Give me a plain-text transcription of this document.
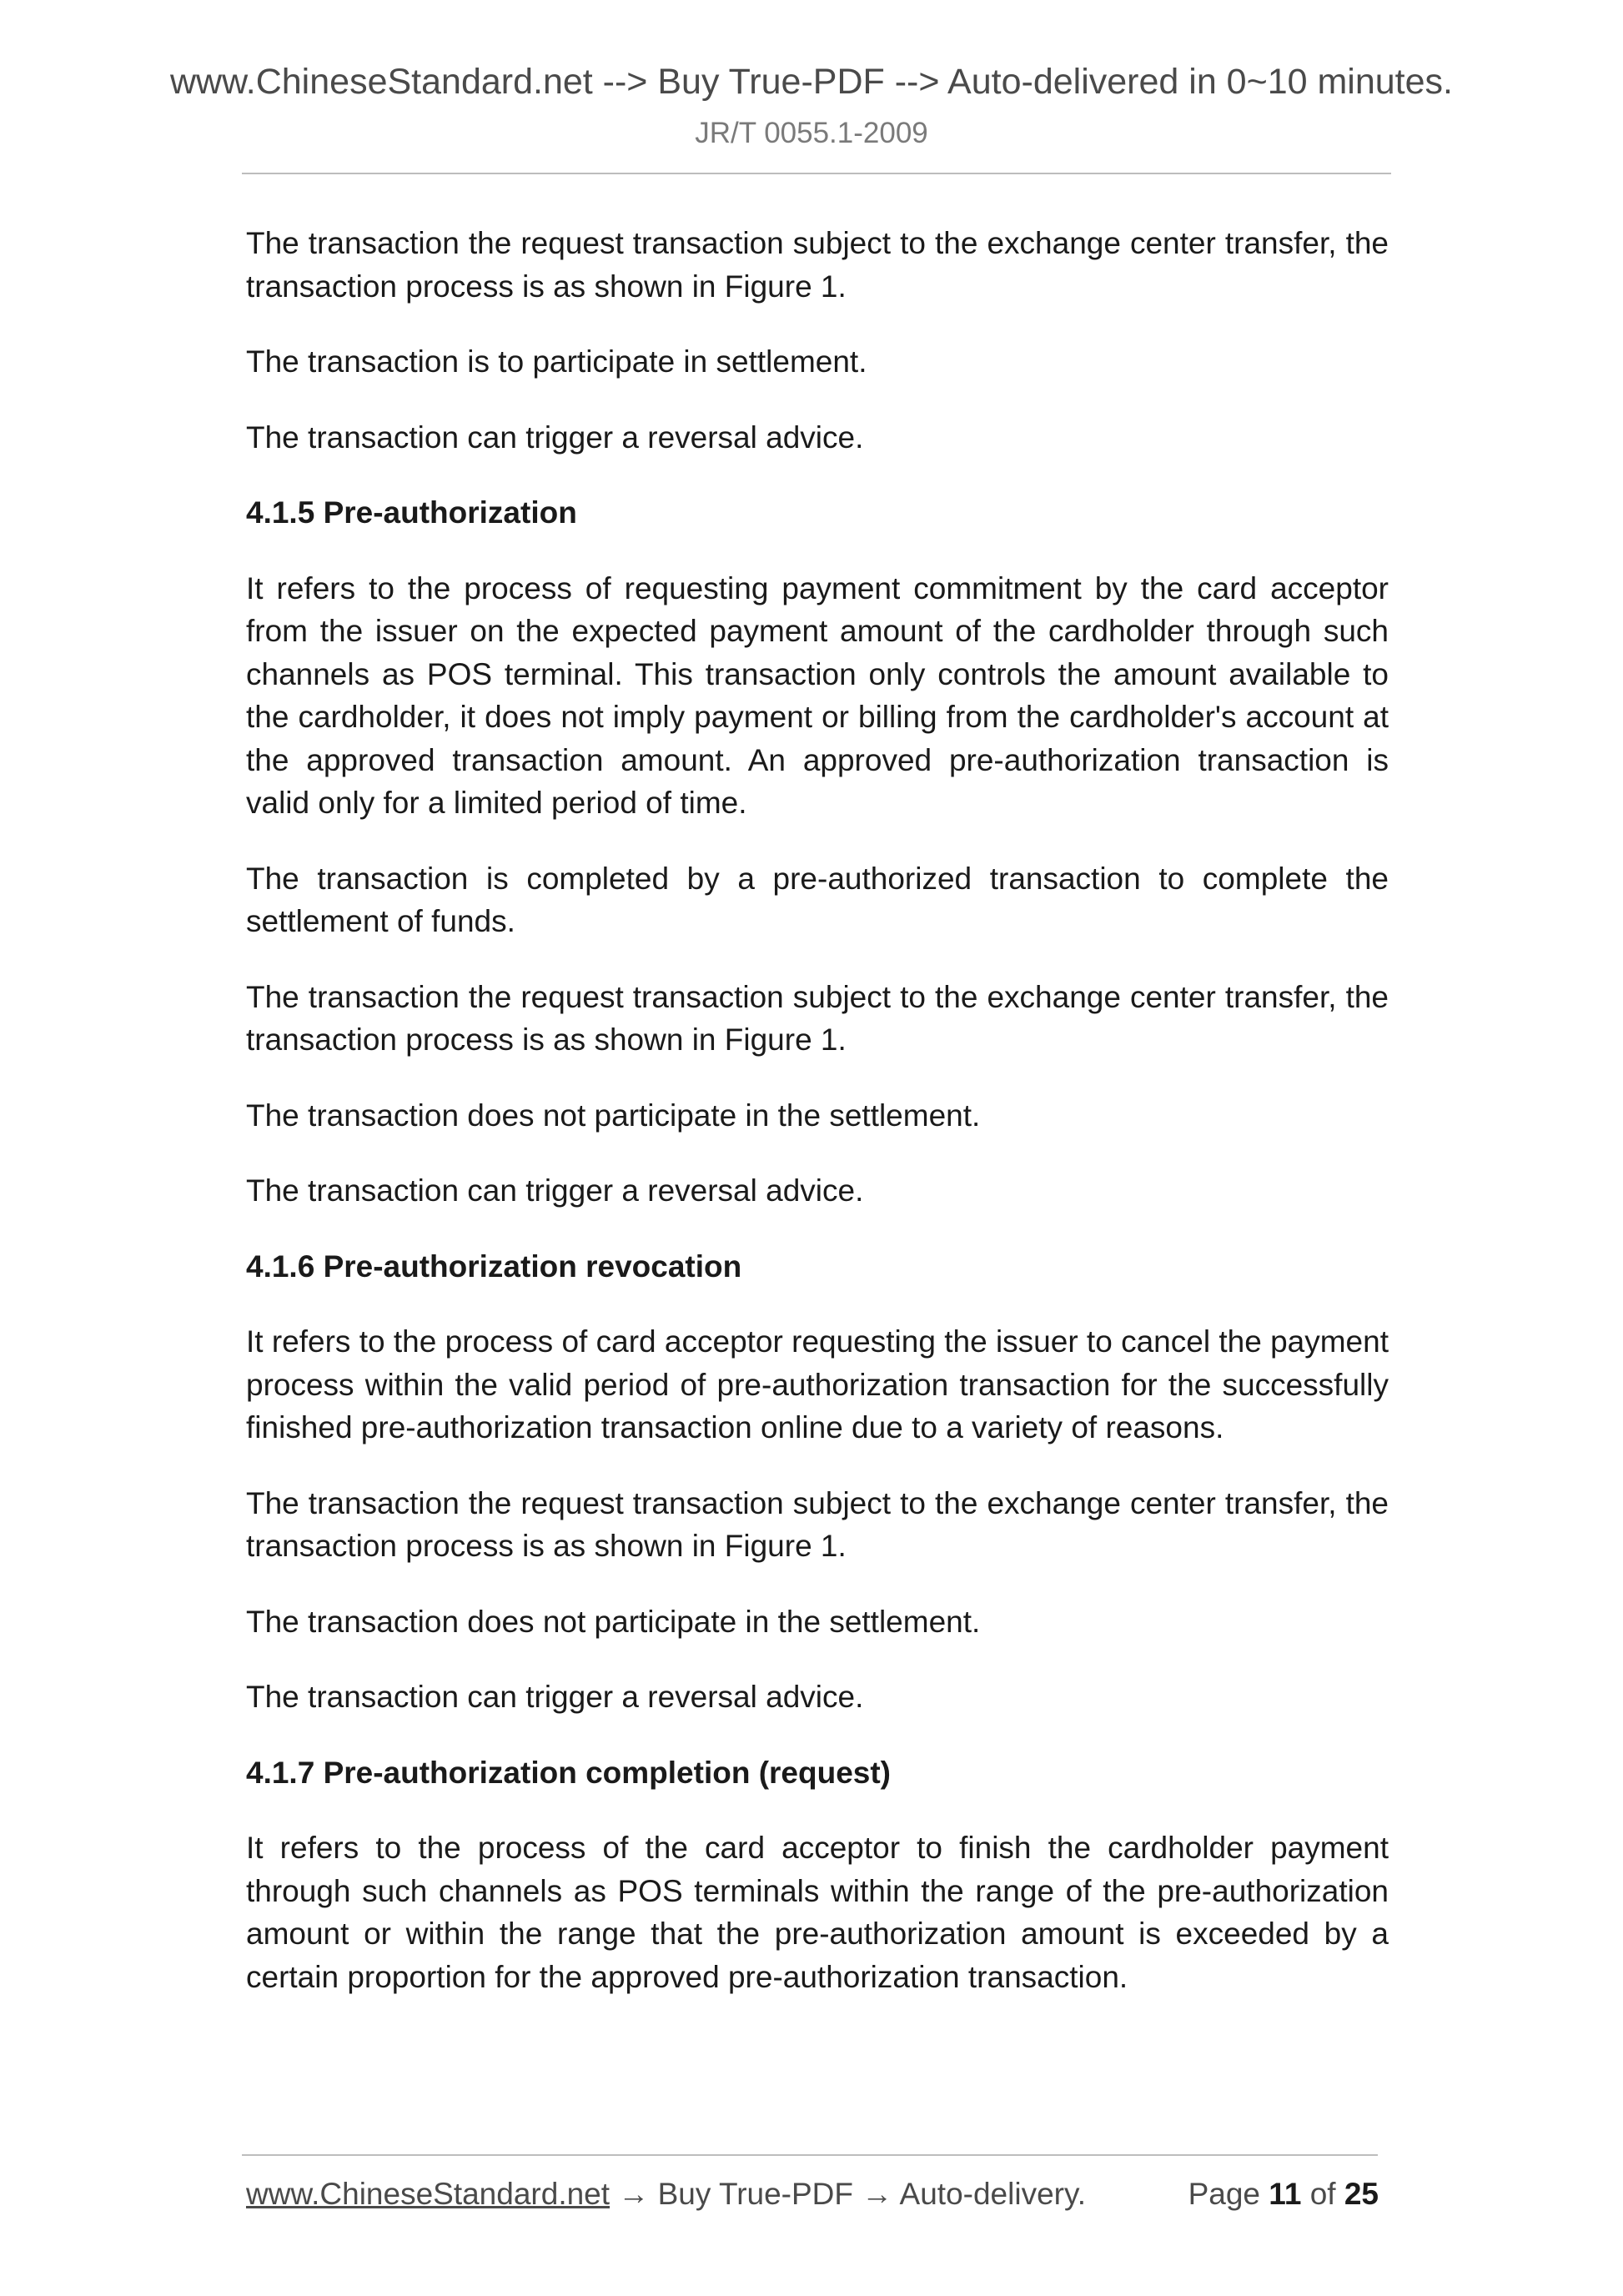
www.ChineseStandard.net --> Buy True-PDF --> Auto-delivered in 0~10 minutes.
JR/T 0055.1-2009

The transaction the request transaction subject to the exchange center transfer, the transaction process is as shown in Figure 1.

The transaction is to participate in settlement.

The transaction can trigger a reversal advice.

4.1.5 Pre-authorization

It refers to the process of requesting payment commitment by the card acceptor from the issuer on the expected payment amount of the cardholder through such channels as POS terminal. This transaction only controls the amount available to the cardholder, it does not imply payment or billing from the cardholder's account at the approved transaction amount. An approved pre-authorization transaction is valid only for a limited period of time.

The transaction is completed by a pre-authorized transaction to complete the settlement of funds.

The transaction the request transaction subject to the exchange center transfer, the transaction process is as shown in Figure 1.

The transaction does not participate in the settlement.

The transaction can trigger a reversal advice.

4.1.6 Pre-authorization revocation

It refers to the process of card acceptor requesting the issuer to cancel the payment process within the valid period of pre-authorization transaction for the successfully finished pre-authorization transaction online due to a variety of reasons.

The transaction the request transaction subject to the exchange center transfer, the transaction process is as shown in Figure 1.

The transaction does not participate in the settlement.

The transaction can trigger a reversal advice.

4.1.7 Pre-authorization completion (request)

It refers to the process of the card acceptor to finish the cardholder payment through such channels as POS terminals within the range of the pre-authorization amount or within the range that the pre-authorization amount is exceeded by a certain proportion for the approved pre-authorization transaction.

www.ChineseStandard.net → Buy True-PDF → Auto-delivery.	Page 11 of 25
